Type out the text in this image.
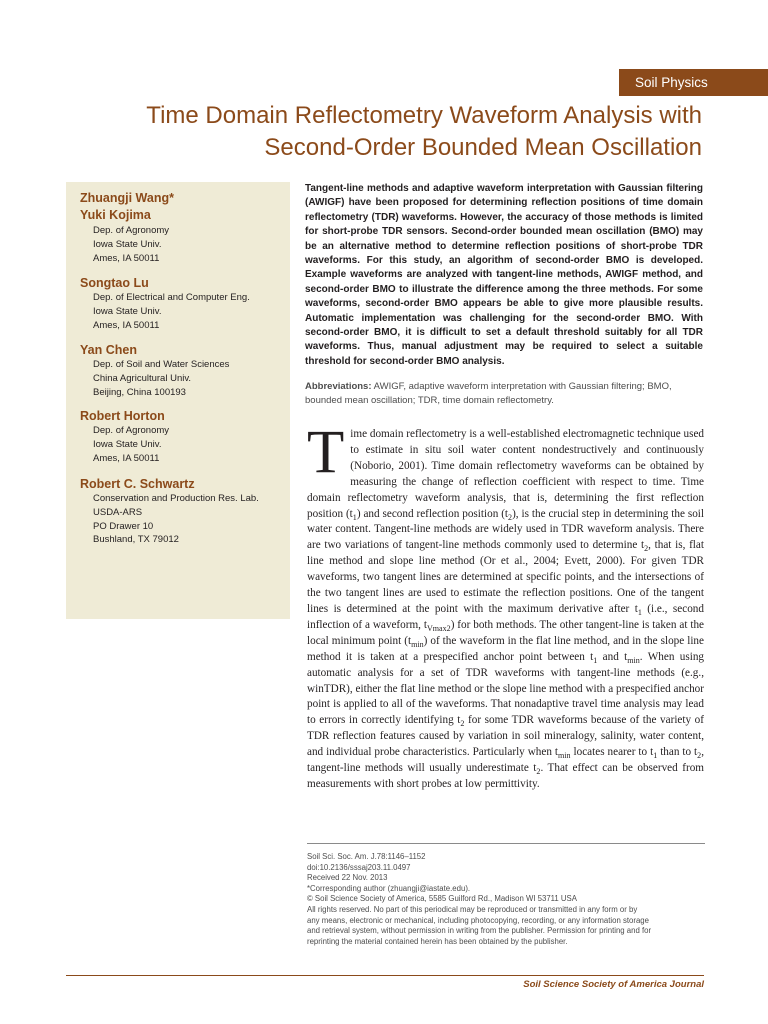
Soil Physics
Time Domain Reflectometry Waveform Analysis with
Second-Order Bounded Mean Oscillation
Zhuangji Wang*
Yuki Kojima
Dep. of Agronomy
Iowa State Univ.
Ames, IA 50011
Songtao Lu
Dep. of Electrical and Computer Eng.
Iowa State Univ.
Ames, IA 50011
Yan Chen
Dep. of Soil and Water Sciences
China Agricultural Univ.
Beijing, China 100193
Robert Horton
Dep. of Agronomy
Iowa State Univ.
Ames, IA 50011
Robert C. Schwartz
Conservation and Production Res. Lab.
USDA-ARS
PO Drawer 10
Bushland, TX 79012

Tangent-line methods and adaptive waveform interpretation with Gaussian filtering (AWIGF) have been proposed for determining reflection positions of time domain reflectometry (TDR) waveforms. However, the accuracy of those methods is limited for short-probe TDR sensors. Second-order bounded mean oscillation (BMO) may be an alternative method to determine reflection positions of short-probe TDR waveforms. For this study, an algorithm of second-order BMO is developed. Example waveforms are analyzed with tangent-line methods, AWIGF method, and second-order BMO to illustrate the difference among the three methods. For some waveforms, second-order BMO appears be able to give more plausible results. Automatic implementation was challenging for the second-order BMO. With second-order BMO, it is difficult to set a default threshold suitably for all TDR waveforms. Thus, manual adjustment may be required to select a suitable threshold for second-order BMO analysis.

Abbreviations: AWIGF, adaptive waveform interpretation with Gaussian filtering; BMO, bounded mean oscillation; TDR, time domain reflectometry.

Time domain reflectometry is a well-established electromagnetic technique used to estimate in situ soil water content nondestructively and continuously (Noborio, 2001). Time domain reflectometry waveforms can be obtained by measuring the change of reflection coefficient with respect to time. Time domain reflectometry waveform analysis, that is, determining the first reflection position $(t_1)$ and second reflection position $(t_2)$, is the crucial step in determining the soil water content. Tangent-line methods are widely used in TDR waveform analysis. There are two variations of tangent-line methods commonly used to determine $t_2$, that is, flat line method and slope line method (Or et al., 2004; Evett, 2000). For given TDR waveforms, two tangent lines are determined at specific points, and the intersections of the two tangent lines are used to estimate the reflection positions. One of the tangent lines is determined at the point with the maximum derivative after $t_1$ (i.e., second inflection of a waveform, $t_{Vmax2}$) for both methods. The other tangent-line is taken at the local minimum point $(t_{min})$ of the waveform in the flat line method, and in the slope line method it is taken at a prespecified anchor point between $t_1$ and $t_{min}$. When using automatic analysis for a set of TDR waveforms with tangent-line methods (e.g., winTDR), either the flat line method or the slope line method with a prespecified anchor point is applied to all of the waveforms. That nonadaptive travel time analysis may lead to errors in correctly identifying $t_2$ for some TDR waveforms because of the variety of TDR reflection features caused by variation in soil mineralogy, salinity, water content, and individual probe characteristics. Particularly when $t_{min}$ locates nearer to $t_1$ than to $t_2$, tangent-line methods will usually underestimate $t_2$. That effect can be observed from measurements with short probes at low permittivity.

Soil Sci. Soc. Am. J.78:1146–1152
doi:10.2136/sssaj203.11.0497
Received 22 Nov. 2013
*Corresponding author (zhuangji@iastate.edu).
© Soil Science Society of America, 5585 Guilford Rd., Madison WI 53711 USA
All rights reserved. No part of this periodical may be reproduced or transmitted in any form or by
any means, electronic or mechanical, including photocopying, recording, or any information storage
and retrieval system, without permission in writing from the publisher. Permission for printing and for
reprinting the material contained herein has been obtained by the publisher.
Soil Science Society of America Journal
